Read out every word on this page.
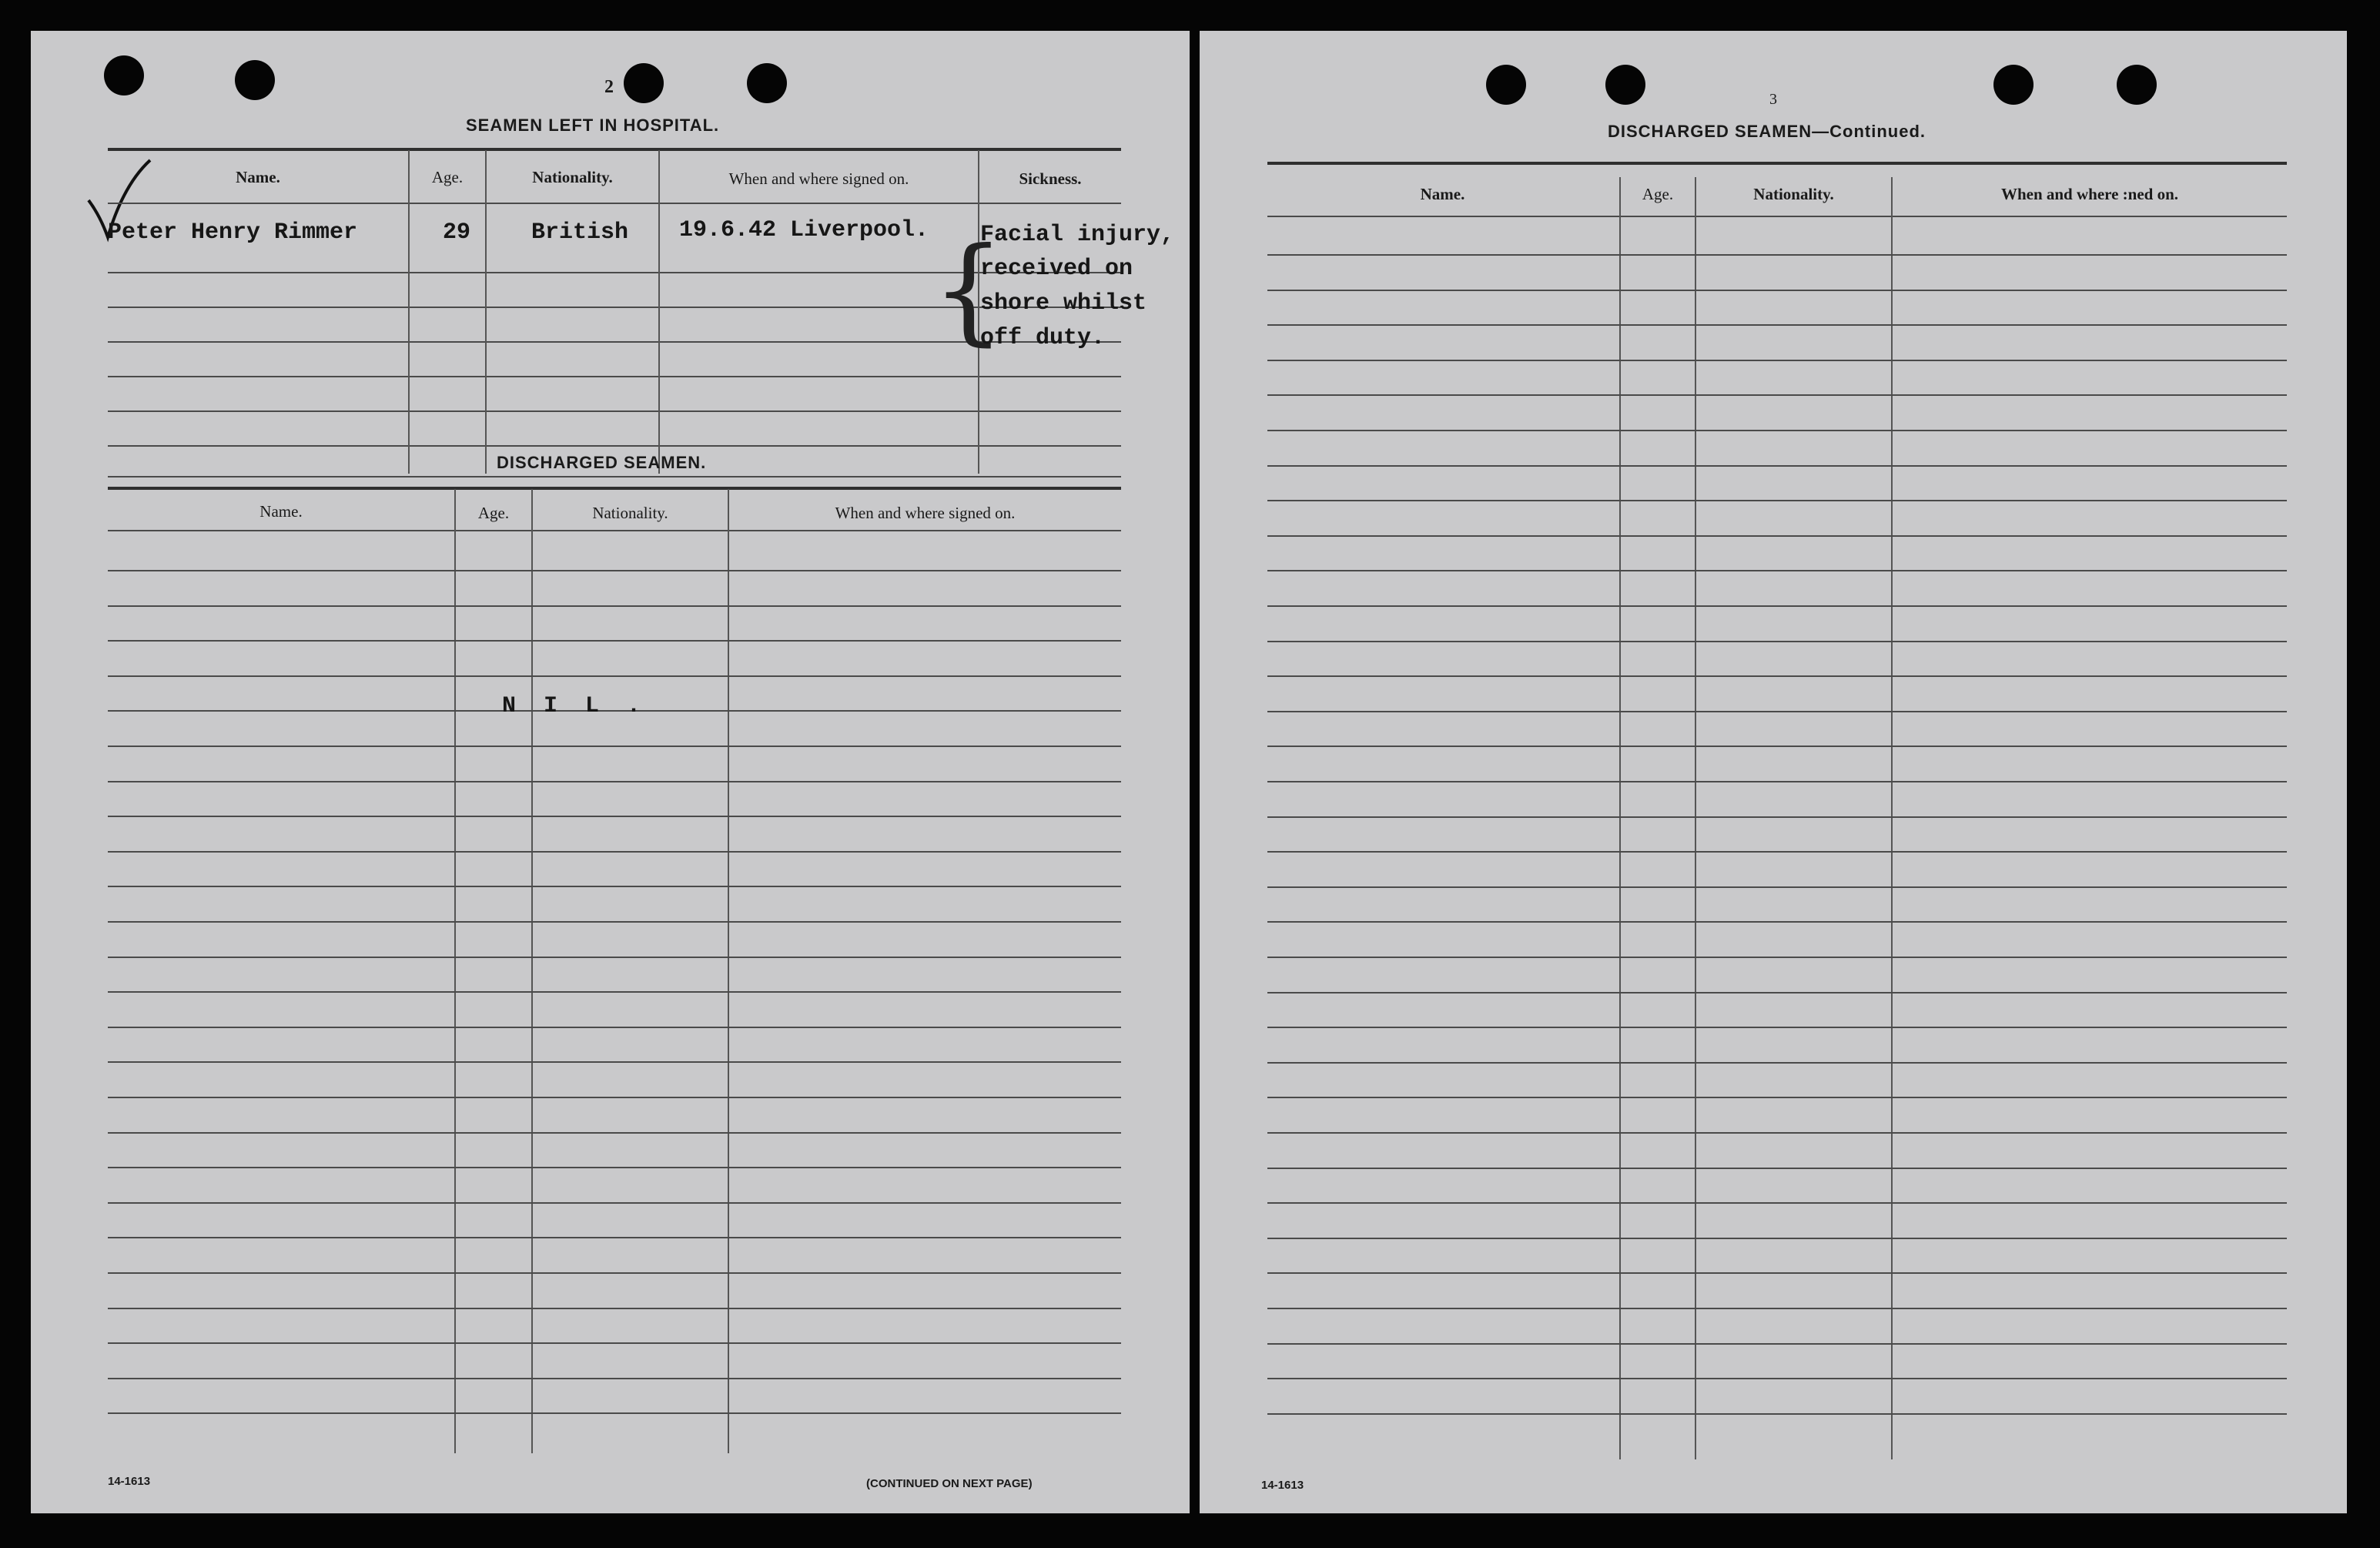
2
SEAMEN LEFT IN HOSPITAL.
Name.	Age.	Nationality.	When and where signed on.	Sickness.
Peter Henry Rimmer	29	British 19.6.42 Liverpool. {
Facial injury,
received on
shore whilst
off duty.
DISCHARGED SEAMEN.
Name.	Age.	Nationality.	When and where signed on.
N  I  L  .
14-1613	(CONTINUED ON NEXT PAGE)
3
DISCHARGED SEAMEN—Continued.
Name.	Age.	Nationality.	When and where :ned on.
14-1613
